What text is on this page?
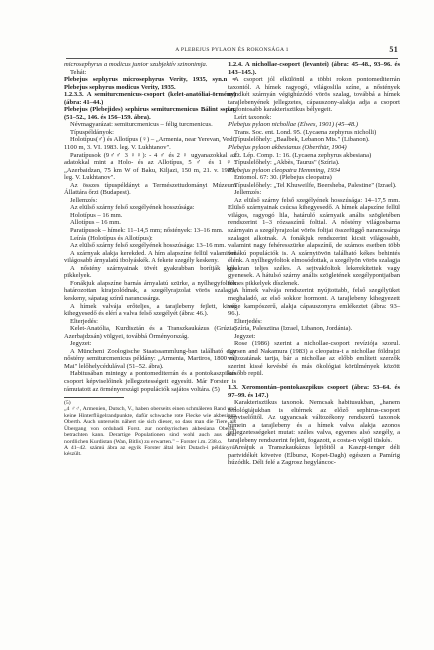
A PLEBEJUS PYLAON ÉS ROKONSÁGA 1	51

microsephyrus a modicus junior szubjektív szinonimja.

Tehát:

Plebejus sephyrus microsephyrus Verity, 1935, syn.n = Plebejus sephyrus modicus Verity, 1935.

1.2.3.3. A semiturcmenicus-csoport (kelet-anatóliai-örmény) (ábra: 41–44.)

Plebejus (Plebejides) sephirus semiturcmenicus Bálint ssp.n. (51–52., 146. és 156–159. ábra).

Névmagyarázat: semiturcmenicus – félig turcmenicus.

Típuspéldányok:

Holotípus(♂) és Allotípus (♀) – „Armenia, near Yerevan, Vedi, 1100 m, 3. VI. 1983. leg. V. Lukhtanov".

Paratípusok (9♂♂ 3 ♀♀): - 4 ♂ és 2 ♀ ugyanazokkal az adatokkal mint a Holo- és az Allotípus, 5 ♂ és 1 ♀: „Azerbaidzan, 75 km W of Baku, Kiljazi, 150 m, 21. v. 1983, leg. V. Lukhtanov".

Az összes típuspéldányt a Természettudományi Múzeum Állattára őrzi (Budapest).

Jellemzés:

Az elülső szárny felső szegélyének hosszúsága:

Holotípus – 16 mm.

Allotípus – 16 mm.

Paratípusok – hímek: 11–14,5 mm; nőstények: 13–16 mm.

Leírás (Holotípus és Allotípus):

Az elülső szárny felső szegélyének hosszúsága: 13–16 mm.

A szárnyak alakja kerekded. A hím alapszíne fellül valamivel világosabb árnyalatú ibolyáskék. A fekete szegély keskeny.

A nőstény szárnyainak tövét gyakrabban borítják kék pikkelyek.

Fonákjuk alapszíne barnás árnyalatú szürke, a nyílhegyfoltok határozottan kirajzolódnak, a szegélyrajzolat vörös szalagja keskeny, sápatag színű narancssárga.

A hímek valvája erőteljes, a tarajlebeny fejlett, kissé kihegyesedő és elérí a valva felső szegélyét (ábra: 46.).

Elterjedés:

Kelet-Anatólia, Kurdisztán és a Transzkaukázus (Grúzia, Azerbajdzsán) völgyei, továbbá Örményország.

Jegyzet:

A Müncheni Zoologische Staatssammlung-ban található egy nőstény semiturcmenicus példány: „Armenia, Martiros, 1800 m, Mai" lelőhelycédulával (51–52. ábra).

Habitusában mintegy a pontomediterrán és a pontokaszpikus csoport képviselőinek jellegzetességeit egyesíti. Már Forster is rámutatott az örményországi populációk sajátos voltára. (5)

(5)

„4 ♂♂, Armenien, Dutsch, V., haben oberseits einen schmäleren Rand und keine Hinterflügelrandpunkte, dafür schwache rote Flecke wie akbesiana Oberth. Auch unterseits nähert sie sich dieser, so dass man die Tiere als Übergang von ordubadi Forst. zur nordsyrischen akbesiana Oberth. betrachten kann. Derartige Populationen sind wohl auch aus dem nordlichen Kurdistan (Wan, Bitlis) zu erwarten." – Forster i.m. 238.o.

A 41–42. számú ábra az egyik Forster által leírt Dutach-i példányról készült.

1.2.4. A nichollae-csoport (levantei) (ábra: 45–48., 93–96. és 143–145.).

A csoport jól elkülönül a többi rokon pontomediterrán taxontól. A hímek ragyogó, világoslila színe, a nőstények mindkét szárnyán végighúzódó vörös szalag, továbbá a hímek tarajlebenyének jellegzetes, cápauszony-alakja adja a csoport legfontosabb karakterisztikus bélyegeit.

Leírt taxonok:

Plebejus pylaon nichollae (Elwes, 1901) (45–48.)

Trans. Soc. ent. Lond. 95. (Lycaena zephyrus nicholli)

Típuslelőhely: „Baalbek, Lebanon Mts." (Libanon).

Plebejus pylaon akbesianus (Oberthür, 1904)

Ét. Lép. Comp. 1: 16. (Lycaena zephyrus akbesiana)

Típuslelőhely: „Akbès, Taurus" (Szíria).

Plebejus pylaon cleopatra Hemming, 1934

Entomol. 67: 30. (Plebejus cleopatra)

Típuslelőhely: „Tel Khuweilfe, Beersheba, Palestine" (Izrael).

Jellemzés:

Az elülső szárny felső szegélyének hosszúsága: 14–17,5 mm. Elülső szárnyainak csúcsa kihegyesedő. A hímek alapszíne fellül világos, ragyogó lila, határuló szárnyaik anális szögletében rendszerint 1–3 rózsaszínű folttal. A nőstény világosbarna szárnyain a szegélyrajzolat vörös foltjai összefüggő narancssárga szalagot alkotnak. A fonákjuk rendszerint kicsit világosabb, valamint nagy fehéresszürke alapszínű, de számos esetben több fonákú populációk is. A szárnytövön található kékes behintés élénk. A nyílhegyfoltok elmosódottak, a szegélyön vörös szalagja gyakran teljes széles. A sejtvakfoltok lekerekítettek vagy gyenesek. A hátulsó szárny anális szögletének szegélypontjaiban fémes pikkelyek díszlenek.

A hímek valvája rendszerint nyújtottabb, felső szegélyüket meghaladó, az első sokkor hormont. A tarajlebeny kihegyezett vége kampószerű, alakja cápauszonyra emlékeztet (ábra: 93–96.).

Elterjedés:

Szíria, Palesztina (Izrael, Libanon, Jordánia).

Jegyzet:

Rose (1986) szerint a nichollae-csoport revíziója szorul. Larsen and Nakamura (1983) a cleopatra-t a nichollae földrajzi változatának tartja, bár a nichollae az előbb említett szerzők szerint kissé kevésbé és más ökológiai körülmények között később repül.

1.3. Xeromontán–pontokaszpikus csoport (ábra: 53–64. és 97–99. és 147.)

Karakterisztikus taxonok. Nemcsak habitusukban, „hanem fenológiájukban is eltérnek az előző sephirus-csoport képviselőitől. Az ugyancsak változékony rendszerű taxonok hímein a tarajlebeny és a hímek valva alakja azonos jellegzetességeket mutat: széles valva, egyenes alsó szegély, a tarajlebeny rendszerint fejlett, fogazott, a costa-n végül tüskés.

Areájuk a Transzkaukázus lejtőitől a Kaszpi-tenger déli partvidékét követve (Elbursz, Kopet-Dagh) egészen a Pamírig húzódik. Déli felé a Zagrosz hegyláncoc-
